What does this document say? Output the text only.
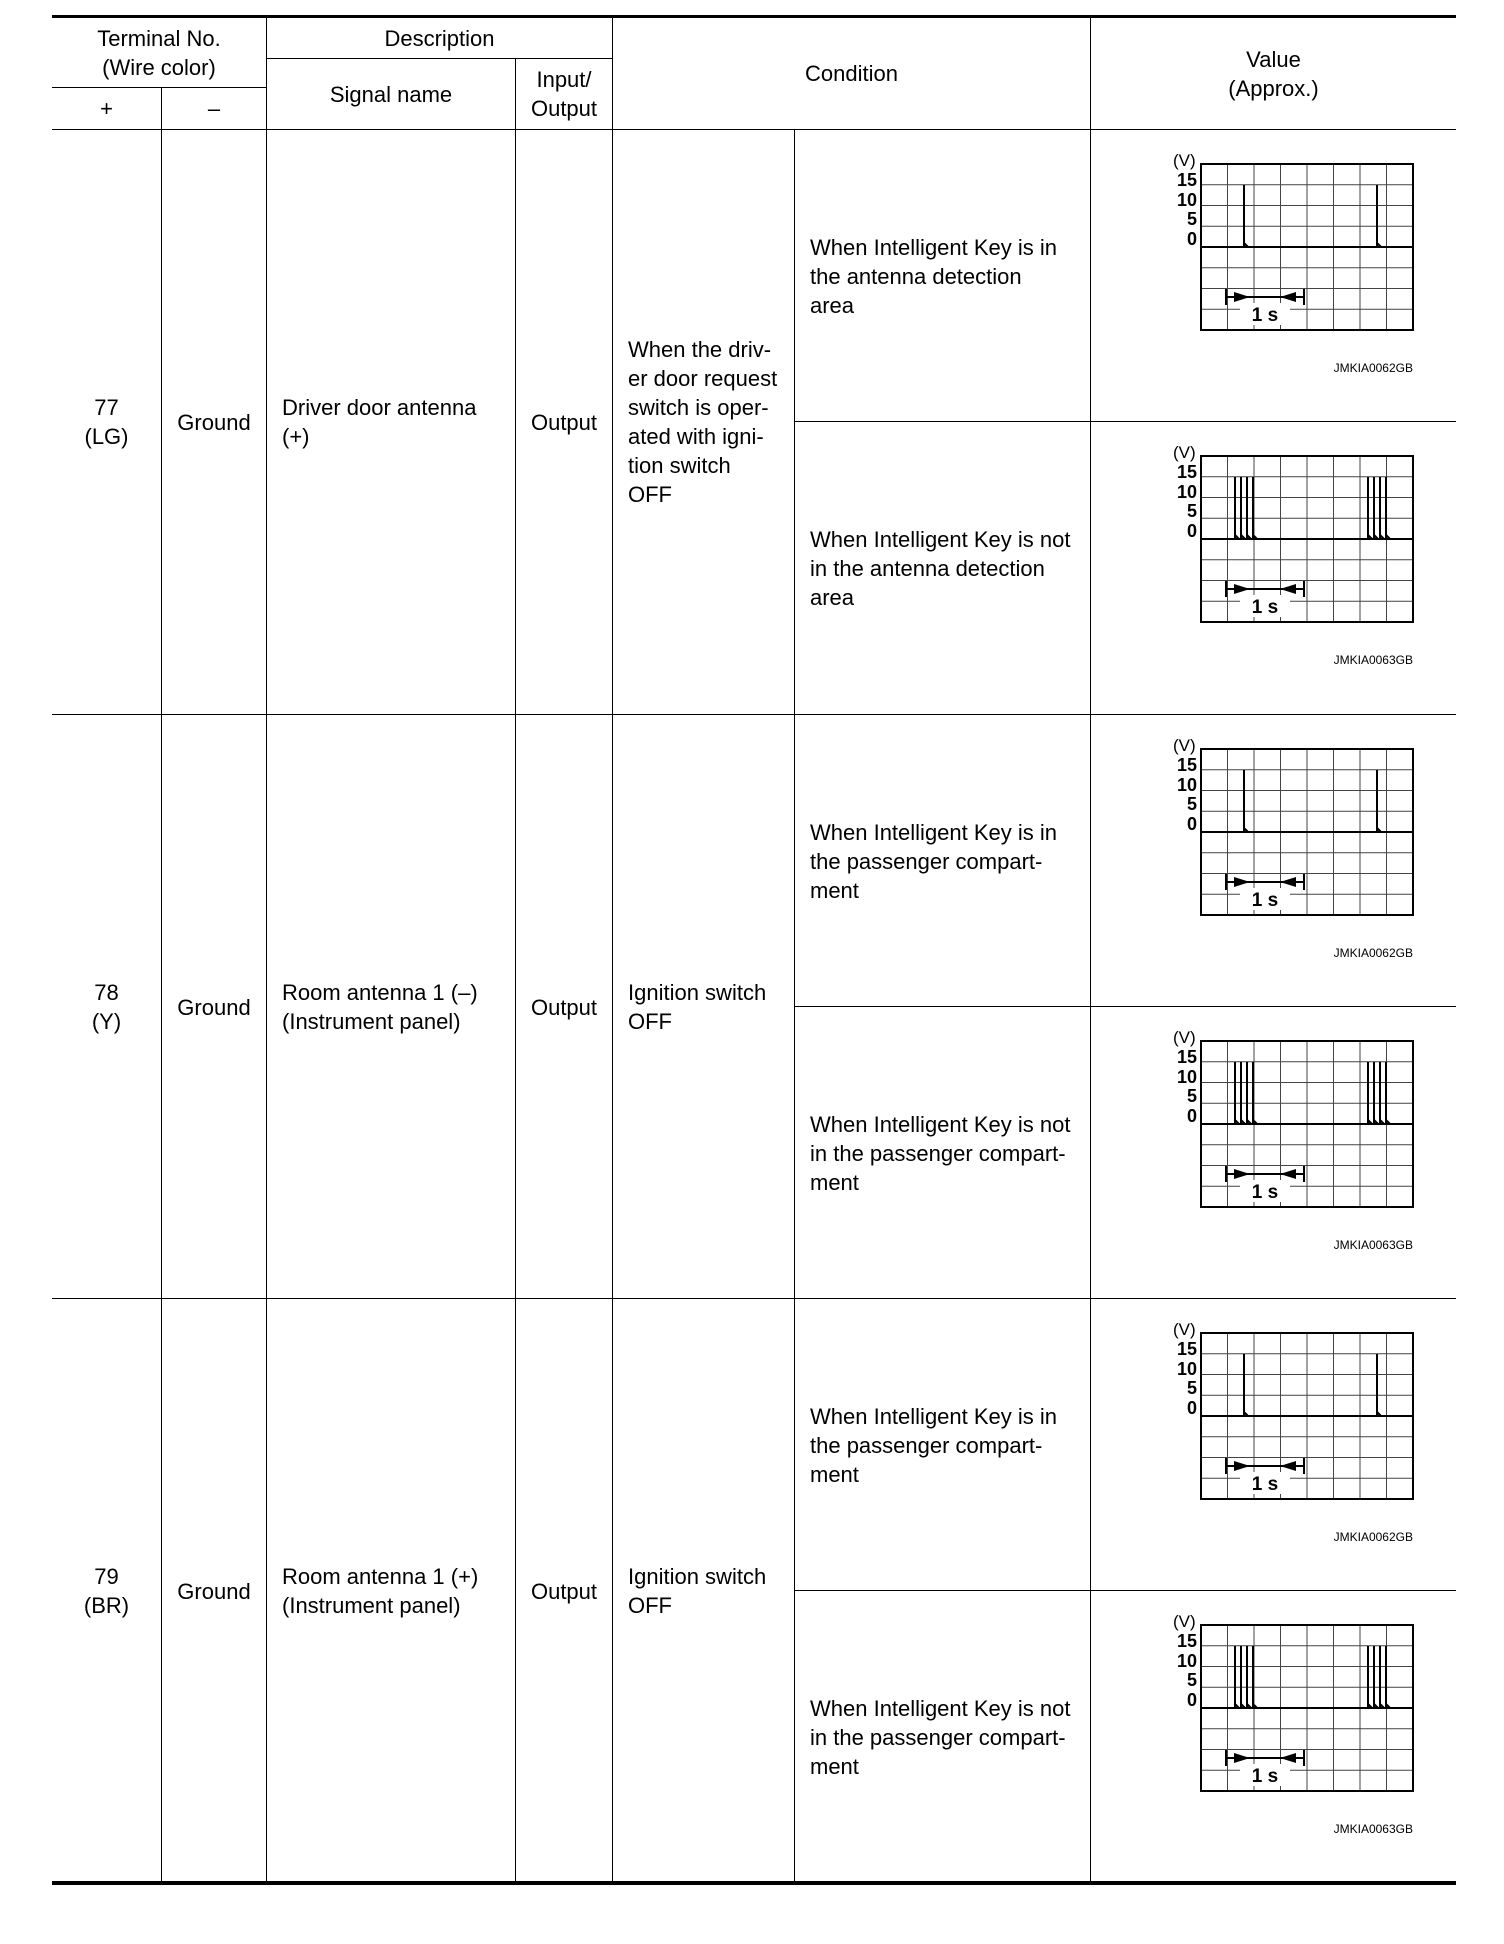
Terminal No.
(Wire color)
+	–
Description
Signal name
Input/
Output
Condition
Value
(Approx.)
77
(LG)
Ground
Driver door antenna
(+)
Output
When the driv-
er door request
switch is oper-
ated with igni-
tion switch
OFF
When Intelligent Key is in
the antenna detection
area
(V)
15
10
5
0
1 s
JMKIA0062GB
When Intelligent Key is not
in the antenna detection
area
(V)
15
10
5
0
1 s
JMKIA0063GB
78
(Y)
Ground
Room antenna 1 (–)
(Instrument panel)
Output
Ignition switch
OFF
When Intelligent Key is in
the passenger compart-
ment
(V)
15
10
5
0
1 s
JMKIA0062GB
When Intelligent Key is not
in the passenger compart-
ment
(V)
15
10
5
0
1 s
JMKIA0063GB
79
(BR)
Ground
Room antenna 1 (+)
(Instrument panel)
Output
Ignition switch
OFF
When Intelligent Key is in
the passenger compart-
ment
(V)
15
10
5
0
1 s
JMKIA0062GB
When Intelligent Key is not
in the passenger compart-
ment
(V)
15
10
5
0
1 s
JMKIA0063GB
